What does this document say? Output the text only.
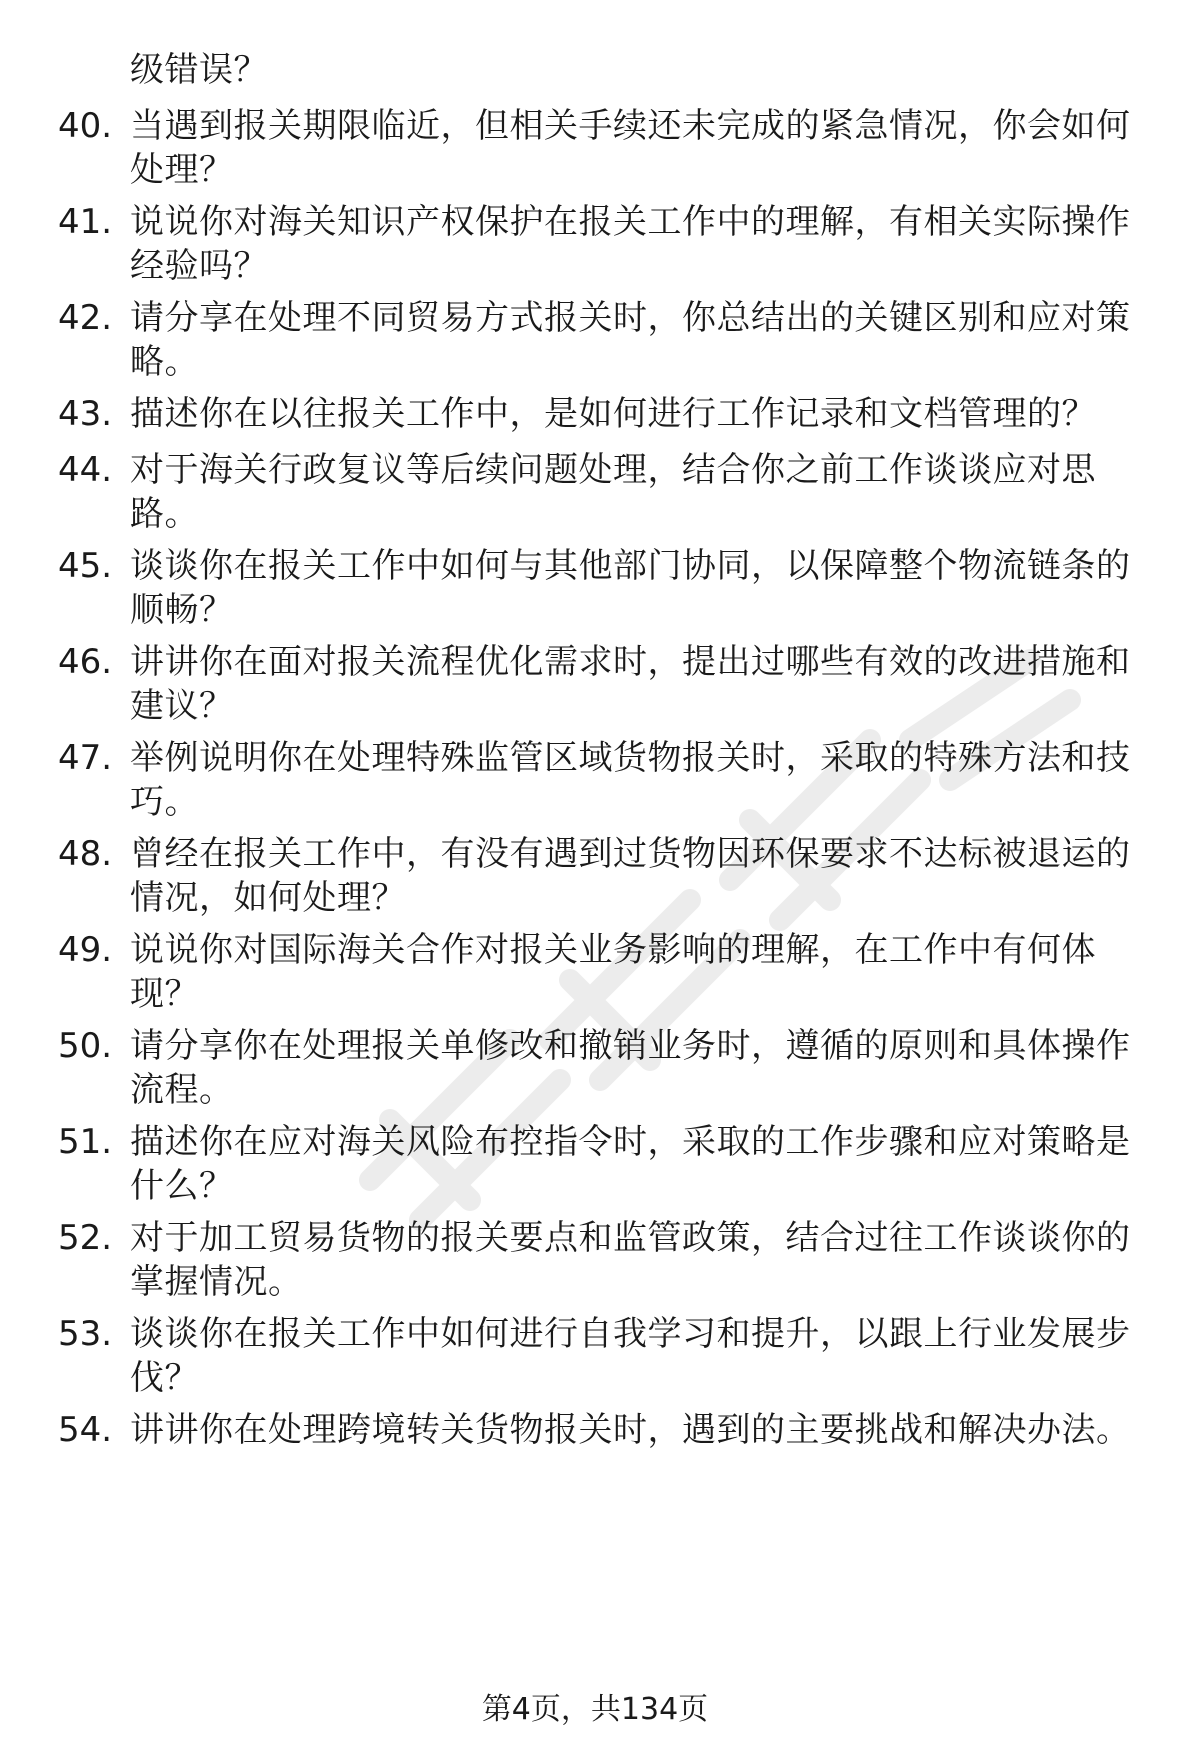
级错误？
40. 当遇到报关期限临近，但相关手续还未完成的紧急情况，你会如何处理？
41. 说说你对海关知识产权保护在报关工作中的理解，有相关实际操作经验吗？
42. 请分享在处理不同贸易方式报关时，你总结出的关键区别和应对策略。
43. 描述你在以往报关工作中，是如何进行工作记录和文档管理的？
44. 对于海关行政复议等后续问题处理，结合你之前工作谈谈应对思路。
45. 谈谈你在报关工作中如何与其他部门协同，以保障整个物流链条的顺畅？
46. 讲讲你在面对报关流程优化需求时，提出过哪些有效的改进措施和建议？
47. 举例说明你在处理特殊监管区域货物报关时，采取的特殊方法和技巧。
48. 曾经在报关工作中，有没有遇到过货物因环保要求不达标被退运的情况，如何处理？
49. 说说你对国际海关合作对报关业务影响的理解，在工作中有何体现？
50. 请分享你在处理报关单修改和撤销业务时，遵循的原则和具体操作流程。
51. 描述你在应对海关风险布控指令时，采取的工作步骤和应对策略是什么？
52. 对于加工贸易货物的报关要点和监管政策，结合过往工作谈谈你的掌握情况。
53. 谈谈你在报关工作中如何进行自我学习和提升，以跟上行业发展步伐？
54. 讲讲你在处理跨境转关货物报关时，遇到的主要挑战和解决办法。
第4页，共134页
